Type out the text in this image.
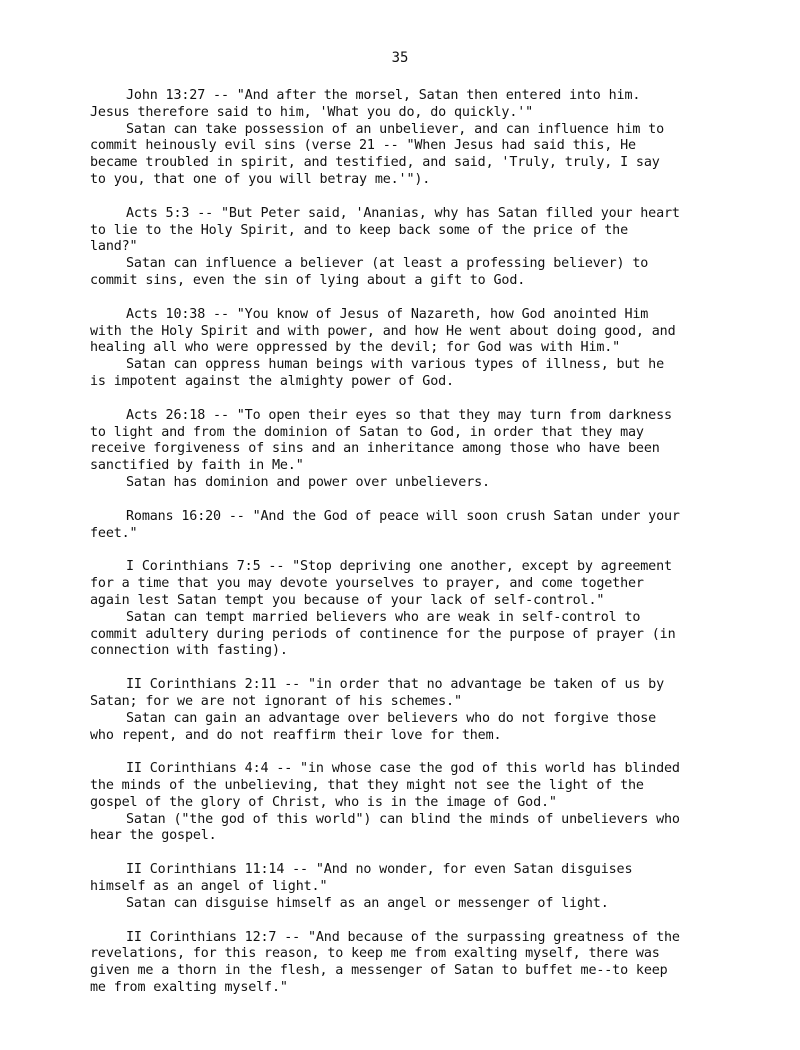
35

John 13:27 -- "And after the morsel, Satan then entered into him.
Jesus therefore said to him, 'What you do, do quickly.'"

Satan can take possession of an unbeliever, and can influence him to
commit heinously evil sins (verse 21 -- "When Jesus had said this, He
became troubled in spirit, and testified, and said, 'Truly, truly, I say
to you, that one of you will betray me.'").

Acts 5:3 -- "But Peter said, 'Ananias, why has Satan filled your heart
to lie to the Holy Spirit, and to keep back some of the price of the
land?"

Satan can influence a believer (at least a professing believer) to
commit sins, even the sin of lying about a gift to God.

Acts 10:38 -- "You know of Jesus of Nazareth, how God anointed Him
with the Holy Spirit and with power, and how He went about doing good, and
healing all who were oppressed by the devil; for God was with Him."

Satan can oppress human beings with various types of illness, but he
is impotent against the almighty power of God.

Acts 26:18 -- "To open their eyes so that they may turn from darkness
to light and from the dominion of Satan to God, in order that they may
receive forgiveness of sins and an inheritance among those who have been
sanctified by faith in Me."

Satan has dominion and power over unbelievers.

Romans 16:20 -- "And the God of peace will soon crush Satan under your
feet."

I Corinthians 7:5 -- "Stop depriving one another, except by agreement
for a time that you may devote yourselves to prayer, and come together
again lest Satan tempt you because of your lack of self-control."

Satan can tempt married believers who are weak in self-control to
commit adultery during periods of continence for the purpose of prayer (in
connection with fasting).

II Corinthians 2:11 -- "in order that no advantage be taken of us by
Satan; for we are not ignorant of his schemes."

Satan can gain an advantage over believers who do not forgive those
who repent, and do not reaffirm their love for them.

II Corinthians 4:4 -- "in whose case the god of this world has blinded
the minds of the unbelieving, that they might not see the light of the
gospel of the glory of Christ, who is in the image of God."

Satan ("the god of this world") can blind the minds of unbelievers who
hear the gospel.

II Corinthians 11:14 -- "And no wonder, for even Satan disguises
himself as an angel of light."

Satan can disguise himself as an angel or messenger of light.

II Corinthians 12:7 -- "And because of the surpassing greatness of the
revelations, for this reason, to keep me from exalting myself, there was
given me a thorn in the flesh, a messenger of Satan to buffet me--to keep
me from exalting myself."
